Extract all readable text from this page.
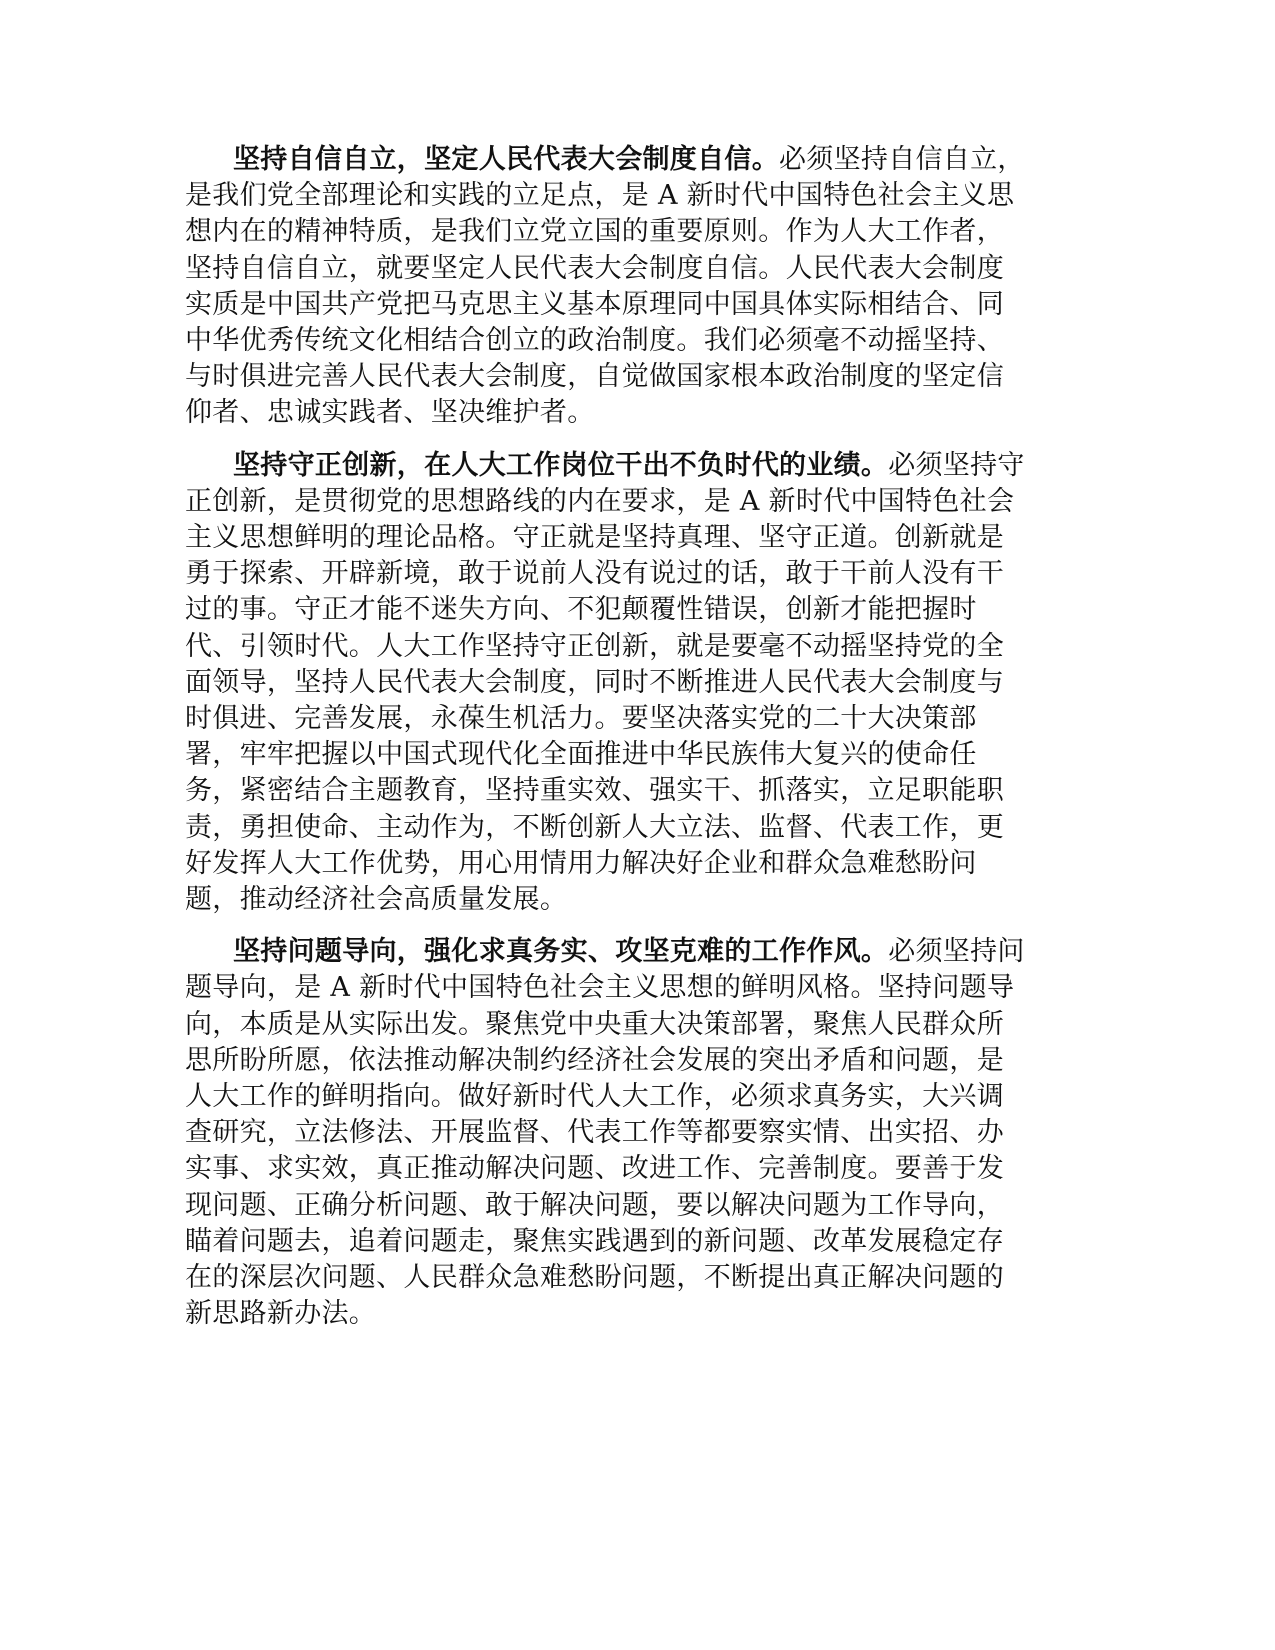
坚持自信自立，坚定人民代表大会制度自信。必须坚持自信自立，
是我们党全部理论和实践的立足点，是 A 新时代中国特色社会主义思
想内在的精神特质，是我们立党立国的重要原则。作为人大工作者，
坚持自信自立，就要坚定人民代表大会制度自信。人民代表大会制度
实质是中国共产党把马克思主义基本原理同中国具体实际相结合、同
中华优秀传统文化相结合创立的政治制度。我们必须毫不动摇坚持、
与时俱进完善人民代表大会制度，自觉做国家根本政治制度的坚定信
仰者、忠诚实践者、坚决维护者。
坚持守正创新，在人大工作岗位干出不负时代的业绩。必须坚持守
正创新，是贯彻党的思想路线的内在要求，是 A 新时代中国特色社会
主义思想鲜明的理论品格。守正就是坚持真理、坚守正道。创新就是
勇于探索、开辟新境，敢于说前人没有说过的话，敢于干前人没有干
过的事。守正才能不迷失方向、不犯颠覆性错误，创新才能把握时
代、引领时代。人大工作坚持守正创新，就是要毫不动摇坚持党的全
面领导，坚持人民代表大会制度，同时不断推进人民代表大会制度与
时俱进、完善发展，永葆生机活力。要坚决落实党的二十大决策部
署，牢牢把握以中国式现代化全面推进中华民族伟大复兴的使命任
务，紧密结合主题教育，坚持重实效、强实干、抓落实，立足职能职
责，勇担使命、主动作为，不断创新人大立法、监督、代表工作，更
好发挥人大工作优势，用心用情用力解决好企业和群众急难愁盼问
题，推动经济社会高质量发展。
坚持问题导向，强化求真务实、攻坚克难的工作作风。必须坚持问
题导向，是 A 新时代中国特色社会主义思想的鲜明风格。坚持问题导
向，本质是从实际出发。聚焦党中央重大决策部署，聚焦人民群众所
思所盼所愿，依法推动解决制约经济社会发展的突出矛盾和问题，是
人大工作的鲜明指向。做好新时代人大工作，必须求真务实，大兴调
查研究，立法修法、开展监督、代表工作等都要察实情、出实招、办
实事、求实效，真正推动解决问题、改进工作、完善制度。要善于发
现问题、正确分析问题、敢于解决问题，要以解决问题为工作导向，
瞄着问题去，追着问题走，聚焦实践遇到的新问题、改革发展稳定存
在的深层次问题、人民群众急难愁盼问题，不断提出真正解决问题的
新思路新办法。
